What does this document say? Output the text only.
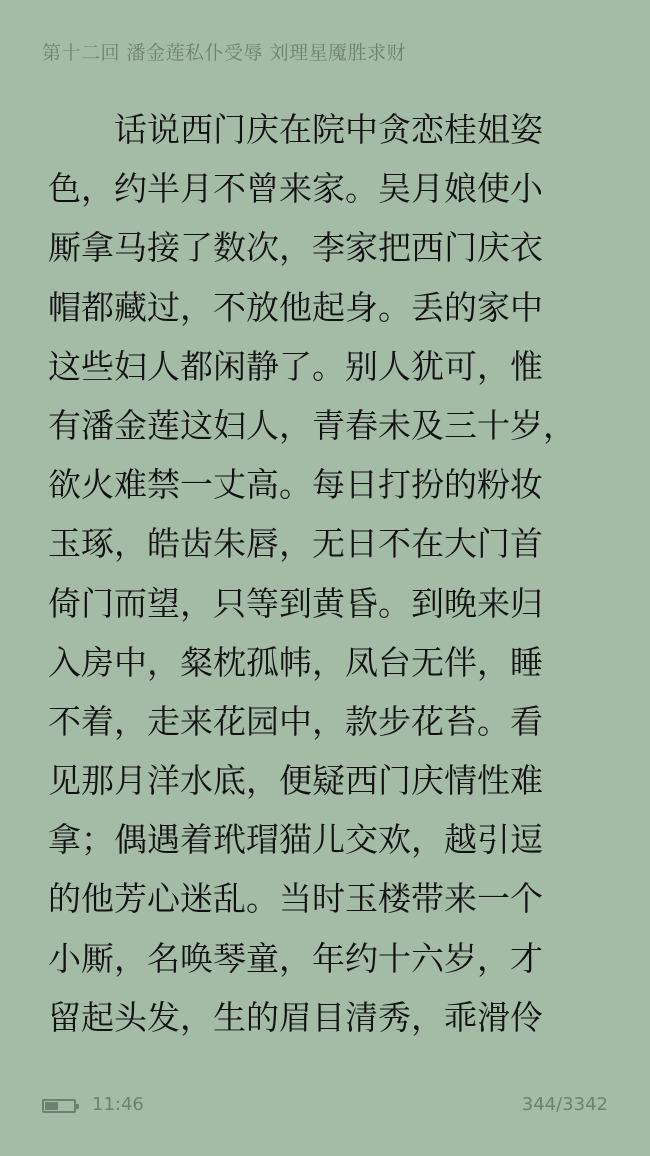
第十二回 潘金莲私仆受辱 刘理星魇胜求财
　　话说西门庆在院中贪恋桂姐姿
色，约半月不曾来家。吴月娘使小
厮拿马接了数次，李家把西门庆衣
帽都藏过，不放他起身。丢的家中
这些妇人都闲静了。别人犹可，惟
有潘金莲这妇人，青春未及三十岁，
欲火难禁一丈高。每日打扮的粉妆
玉琢，皓齿朱唇，无日不在大门首
倚门而望，只等到黄昏。到晚来归
入房中，粲枕孤帏，凤台无伴，睡
不着，走来花园中，款步花苔。看
见那月洋水底，便疑西门庆情性难
拿；偶遇着玳瑁猫儿交欢，越引逗
的他芳心迷乱。当时玉楼带来一个
小厮，名唤琴童，年约十六岁，才
留起头发，生的眉目清秀，乖滑伶
11:46	344/3342
